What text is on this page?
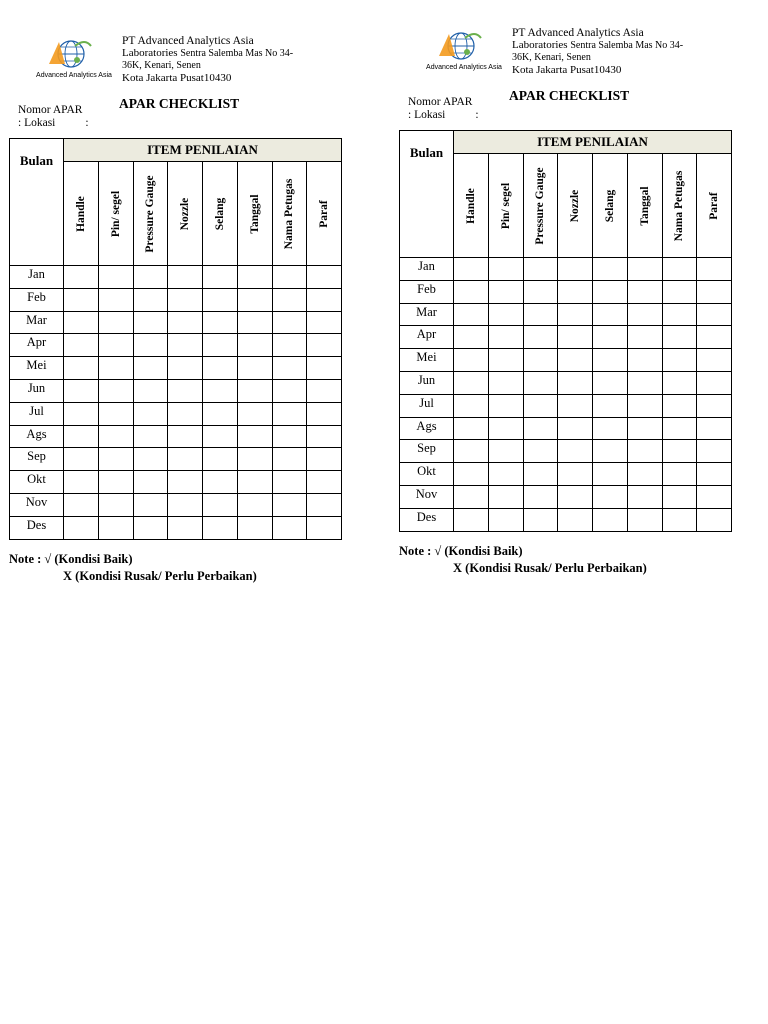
Advanced Analytics Asia
PT Advanced Analytics Asia
Laboratories Sentra Salemba Mas No 34-
36K, Kenari, Senen
Kota Jakarta Pusat10430
APAR CHECKLIST
Nomor APAR
: Lokasi	:
Bulan	ITEM PENILAIAN							

	Handle	Pin/ segel	Pressure Gauge	Nozzle	Selang	Tanggal	Nama Petugas	Paraf

Jan								
Feb								
Mar								
Apr								
Mei								
Jun								
Jul								
Ags								
Sep								
Okt								
Nov								
Des								
Note : √ (Kondisi Baik)
X (Kondisi Rusak/ Perlu Perbaikan)
Advanced Analytics Asia
PT Advanced Analytics Asia
Laboratories Sentra Salemba Mas No 34-
36K, Kenari, Senen
Kota Jakarta Pusat10430
APAR CHECKLIST
Nomor APAR
: Lokasi	:
Bulan	ITEM PENILAIAN							

	Handle	Pin/ segel	Pressure Gauge	Nozzle	Selang	Tanggal	Nama Petugas	Paraf

Jan								
Feb								
Mar								
Apr								
Mei								
Jun								
Jul								
Ags								
Sep								
Okt								
Nov								
Des								
Note : √ (Kondisi Baik)
X (Kondisi Rusak/ Perlu Perbaikan)
